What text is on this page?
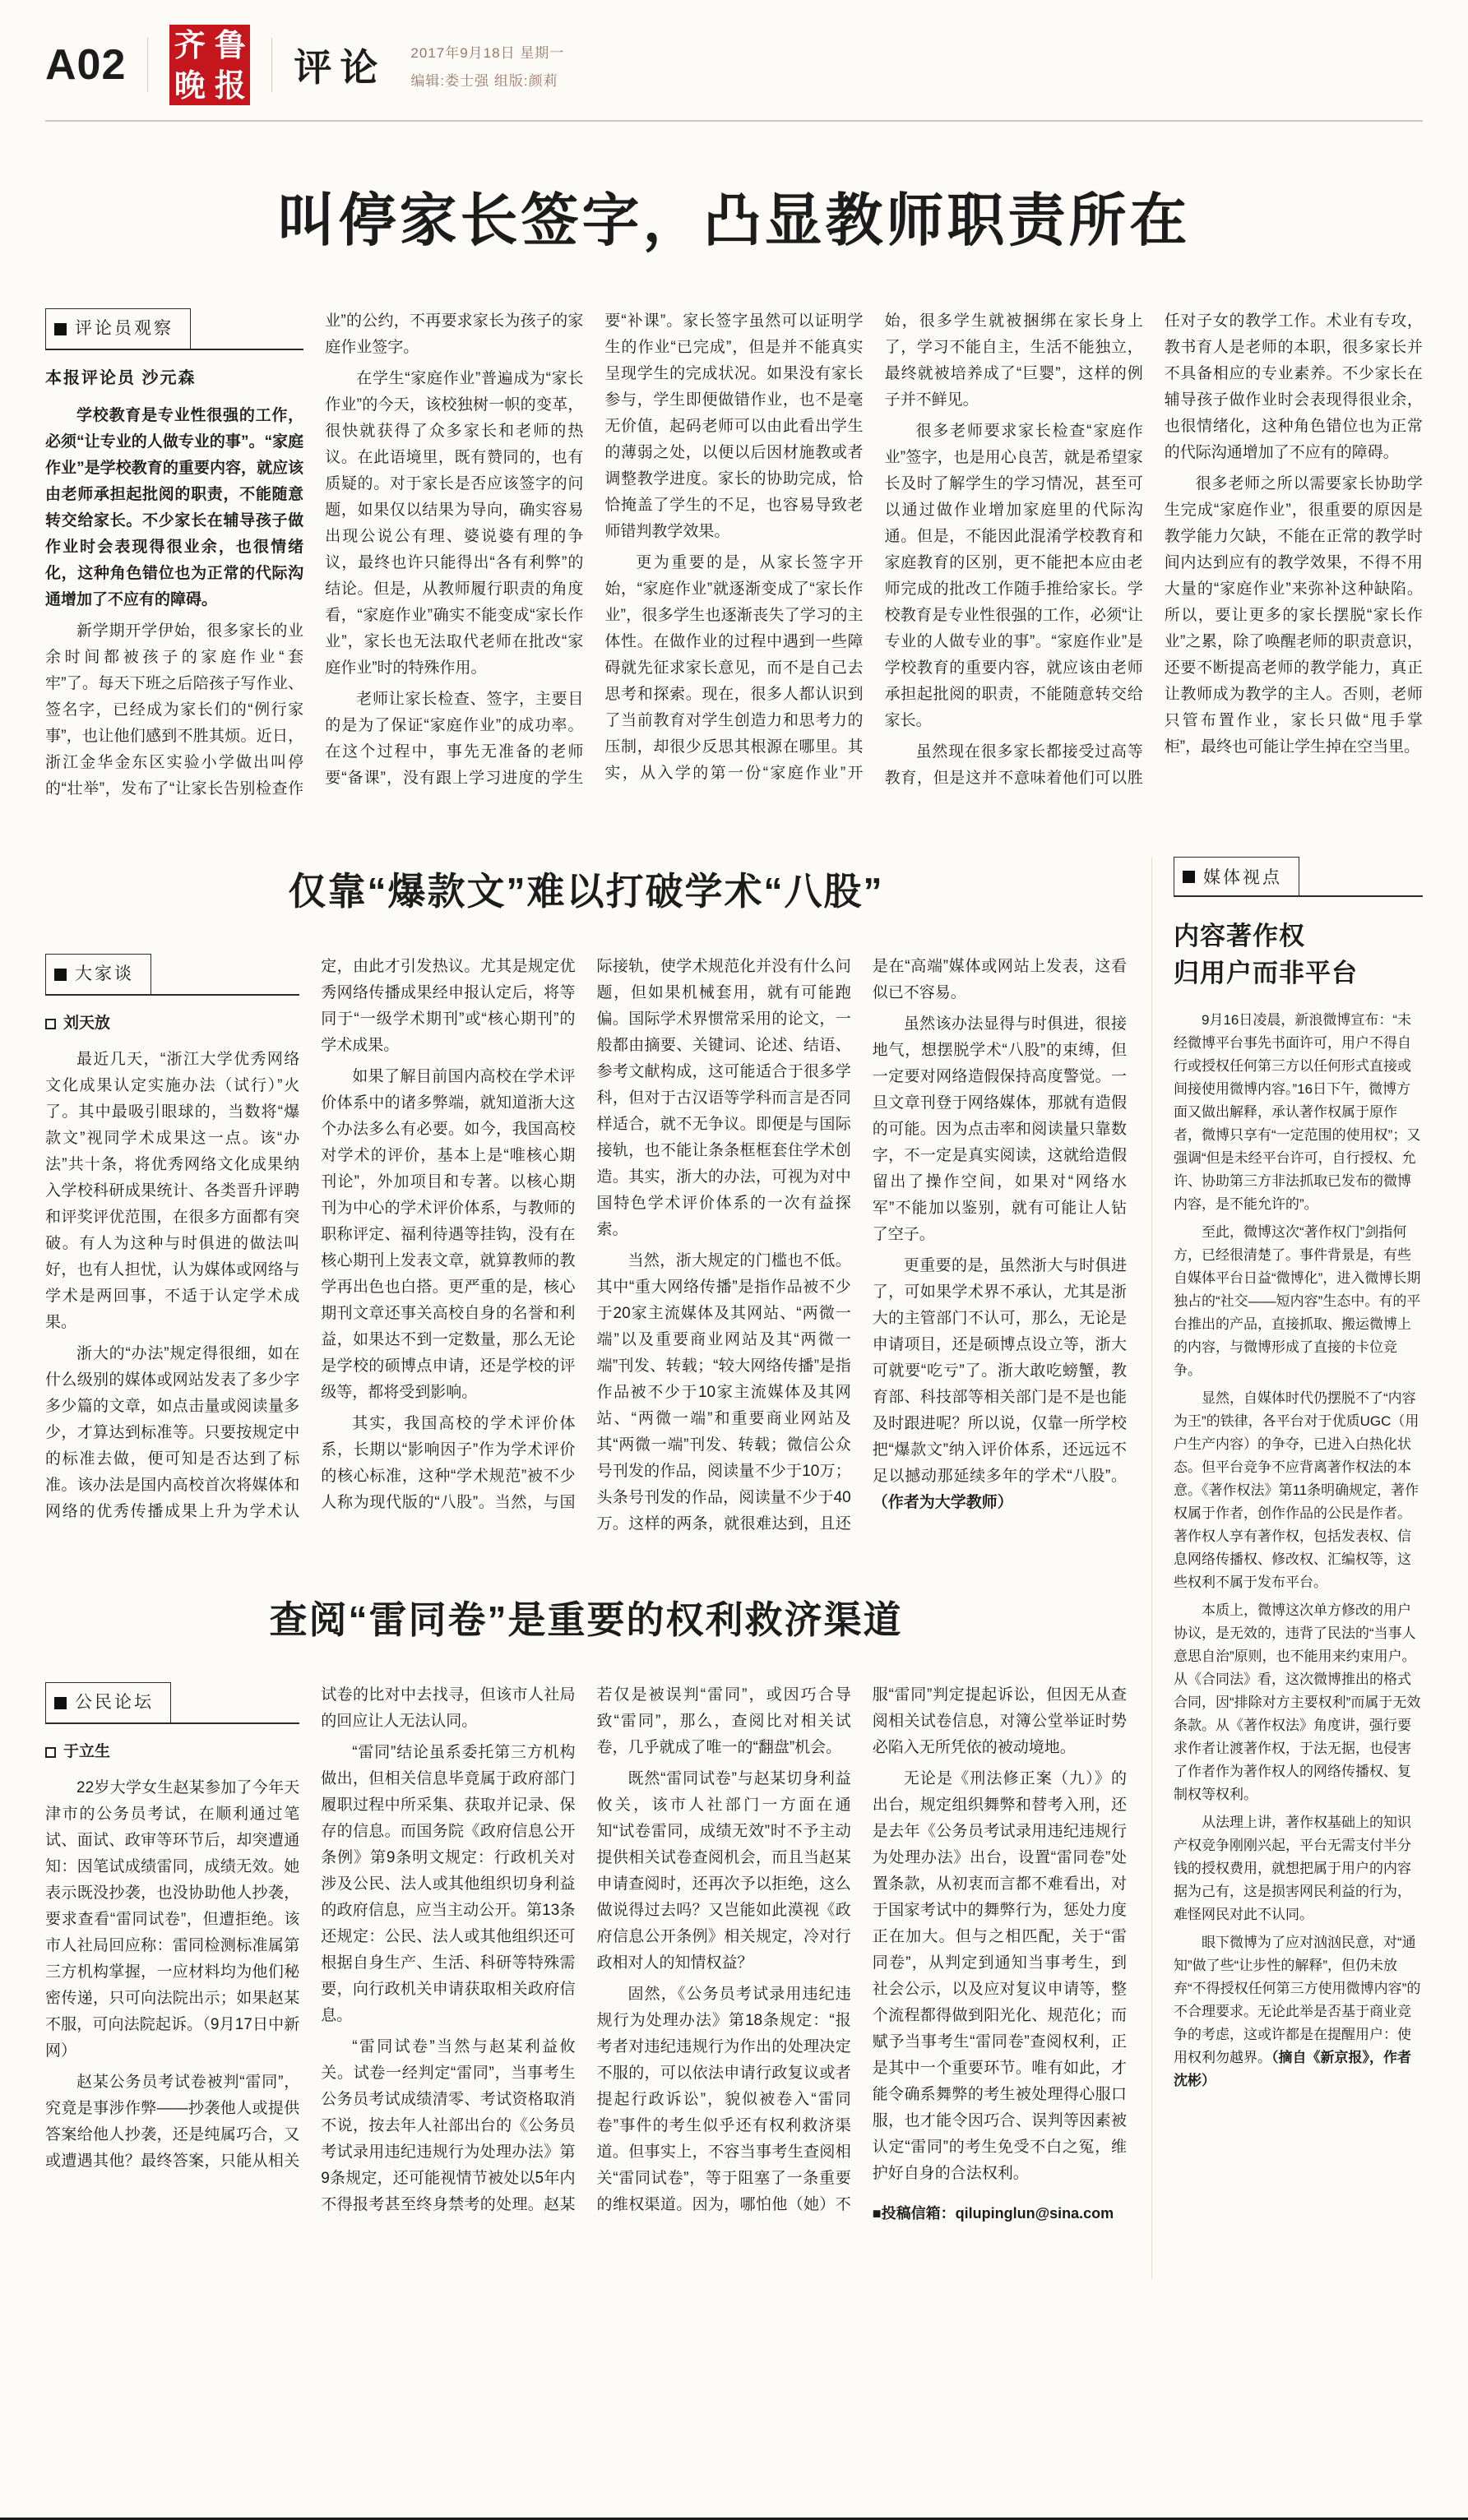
A02 齐 鲁
晚 报 评论 2017年9月18日 星期一
编辑:娄士强 组版:颜莉
叫停家长签字，凸显教师职责所在
评论员观察

本报评论员 沙元森

学校教育是专业性很强的工作，必须“让专业的人做专业的事”。“家庭作业”是学校教育的重要内容，就应该由老师承担起批阅的职责，不能随意转交给家长。不少家长在辅导孩子做作业时会表现得很业余，也很情绪化，这种角色错位也为正常的代际沟通增加了不应有的障碍。

新学期开学伊始，很多家长的业余时间都被孩子的家庭作业“套牢”了。每天下班之后陪孩子写作业、签名字，已经成为家长们的“例行家事”，也让他们感到不胜其烦。近日，浙江金华金东区实验小学做出叫停的“壮举”，发布了“让家长告别检查作业”的公约，不再要求家长为孩子的家庭作业签字。

在学生“家庭作业”普遍成为“家长作业”的今天，该校独树一帜的变革，很快就获得了众多家长和老师的热议。在此语境里，既有赞同的，也有质疑的。对于家长是否应该签字的问题，如果仅以结果为导向，确实容易出现公说公有理、婆说婆有理的争议，最终也许只能得出“各有利弊”的结论。但是，从教师履行职责的角度看，“家庭作业”确实不能变成“家长作业”，家长也无法取代老师在批改“家庭作业”时的特殊作用。

老师让家长检查、签字，主要目的是为了保证“家庭作业”的成功率。在这个过程中，事先无准备的老师要“备课”，没有跟上学习进度的学生要“补课”。家长签字虽然可以证明学生的作业“已完成”，但是并不能真实呈现学生的完成状况。如果没有家长参与，学生即便做错作业，也不是毫无价值，起码老师可以由此看出学生的薄弱之处，以便以后因材施教或者调整教学进度。家长的协助完成，恰恰掩盖了学生的不足，也容易导致老师错判教学效果。

更为重要的是，从家长签字开始，“家庭作业”就逐渐变成了“家长作业”，很多学生也逐渐丧失了学习的主体性。在做作业的过程中遇到一些障碍就先征求家长意见，而不是自己去思考和探索。现在，很多人都认识到了当前教育对学生创造力和思考力的压制，却很少反思其根源在哪里。其实，从入学的第一份“家庭作业”开始，很多学生就被捆绑在家长身上了，学习不能自主，生活不能独立，最终就被培养成了“巨婴”，这样的例子并不鲜见。

很多老师要求家长检查“家庭作业”签字，也是用心良苦，就是希望家长及时了解学生的学习情况，甚至可以通过做作业增加家庭里的代际沟通。但是，不能因此混淆学校教育和家庭教育的区别，更不能把本应由老师完成的批改工作随手推给家长。学校教育是专业性很强的工作，必须“让专业的人做专业的事”。“家庭作业”是学校教育的重要内容，就应该由老师承担起批阅的职责，不能随意转交给家长。

虽然现在很多家长都接受过高等教育，但是这并不意味着他们可以胜任对子女的教学工作。术业有专攻，教书育人是老师的本职，很多家长并不具备相应的专业素养。不少家长在辅导孩子做作业时会表现得很业余，也很情绪化，这种角色错位也为正常的代际沟通增加了不应有的障碍。

很多老师之所以需要家长协助学生完成“家庭作业”，很重要的原因是教学能力欠缺，不能在正常的教学时间内达到应有的教学效果，不得不用大量的“家庭作业”来弥补这种缺陷。所以，要让更多的家长摆脱“家长作业”之累，除了唤醒老师的职责意识，还要不断提高老师的教学能力，真正让教师成为教学的主人。否则，老师只管布置作业，家长只做“甩手掌柜”，最终也可能让学生掉在空当里。

仅靠“爆款文”难以打破学术“八股”
大家谈
刘天放

最近几天，“浙江大学优秀网络文化成果认定实施办法（试行）”火了。其中最吸引眼球的，当数将“爆款文”视同学术成果这一点。该“办法”共十条，将优秀网络文化成果纳入学校科研成果统计、各类晋升评聘和评奖评优范围，在很多方面都有突破。有人为这种与时俱进的做法叫好，也有人担忧，认为媒体或网络与学术是两回事，不适于认定学术成果。

浙大的“办法”规定得很细，如在什么级别的媒体或网站发表了多少字多少篇的文章，如点击量或阅读量多少，才算达到标准等。只要按规定中的标准去做，便可知是否达到了标准。该办法是国内高校首次将媒体和网络的优秀传播成果上升为学术认定，由此才引发热议。尤其是规定优秀网络传播成果经申报认定后，将等同于“一级学术期刊”或“核心期刊”的学术成果。

如果了解目前国内高校在学术评价体系中的诸多弊端，就知道浙大这个办法多么有必要。如今，我国高校对学术的评价，基本上是“唯核心期刊论”，外加项目和专著。以核心期刊为中心的学术评价体系，与教师的职称评定、福利待遇等挂钩，没有在核心期刊上发表文章，就算教师的教学再出色也白搭。更严重的是，核心期刊文章还事关高校自身的名誉和利益，如果达不到一定数量，那么无论是学校的硕博点申请，还是学校的评级等，都将受到影响。

其实，我国高校的学术评价体系，长期以“影响因子”作为学术评价的核心标准，这种“学术规范”被不少人称为现代版的“八股”。当然，与国际接轨，使学术规范化并没有什么问题，但如果机械套用，就有可能跑偏。国际学术界惯常采用的论文，一般都由摘要、关键词、论述、结语、参考文献构成，这可能适合于很多学科，但对于古汉语等学科而言是否同样适合，就不无争议。即便是与国际接轨，也不能让条条框框套住学术创造。其实，浙大的办法，可视为对中国特色学术评价体系的一次有益探索。

当然，浙大规定的门槛也不低。其中“重大网络传播”是指作品被不少于20家主流媒体及其网站、“两微一端”以及重要商业网站及其“两微一端”刊发、转载；“较大网络传播”是指作品被不少于10家主流媒体及其网站、“两微一端”和重要商业网站及其“两微一端”刊发、转载；微信公众号刊发的作品，阅读量不少于10万；头条号刊发的作品，阅读量不少于40万。这样的两条，就很难达到，且还是在“高端”媒体或网站上发表，这看似已不容易。

虽然该办法显得与时俱进，很接地气，想摆脱学术“八股”的束缚，但一定要对网络造假保持高度警觉。一旦文章刊登于网络媒体，那就有造假的可能。因为点击率和阅读量只靠数字，不一定是真实阅读，这就给造假留出了操作空间，如果对“网络水军”不能加以鉴别，就有可能让人钻了空子。

更重要的是，虽然浙大与时俱进了，可如果学术界不承认，尤其是浙大的主管部门不认可，那么，无论是申请项目，还是硕博点设立等，浙大可就要“吃亏”了。浙大敢吃螃蟹，教育部、科技部等相关部门是不是也能及时跟进呢？所以说，仅靠一所学校把“爆款文”纳入评价体系，还远远不足以撼动那延续多年的学术“八股”。（作者为大学教师）

查阅“雷同卷”是重要的权利救济渠道
公民论坛
于立生

22岁大学女生赵某参加了今年天津市的公务员考试，在顺利通过笔试、面试、政审等环节后，却突遭通知：因笔试成绩雷同，成绩无效。她表示既没抄袭，也没协助他人抄袭，要求查看“雷同试卷”，但遭拒绝。该市人社局回应称：雷同检测标准属第三方机构掌握，一应材料均为他们秘密传递，只可向法院出示；如果赵某不服，可向法院起诉。（9月17日中新网）

赵某公务员考试卷被判“雷同”，究竟是事涉作弊——抄袭他人或提供答案给他人抄袭，还是纯属巧合，又或遭遇其他？最终答案，只能从相关试卷的比对中去找寻，但该市人社局的回应让人无法认同。

“雷同”结论虽系委托第三方机构做出，但相关信息毕竟属于政府部门履职过程中所采集、获取并记录、保存的信息。而国务院《政府信息公开条例》第9条明文规定：行政机关对涉及公民、法人或其他组织切身利益的政府信息，应当主动公开。第13条还规定：公民、法人或其他组织还可根据自身生产、生活、科研等特殊需要，向行政机关申请获取相关政府信息。

“雷同试卷”当然与赵某利益攸关。试卷一经判定“雷同”，当事考生公务员考试成绩清零、考试资格取消不说，按去年人社部出台的《公务员考试录用违纪违规行为处理办法》第9条规定，还可能视情节被处以5年内不得报考甚至终身禁考的处理。赵某若仅是被误判“雷同”，或因巧合导致“雷同”，那么，查阅比对相关试卷，几乎就成了唯一的“翻盘”机会。

既然“雷同试卷”与赵某切身利益攸关，该市人社部门一方面在通知“试卷雷同，成绩无效”时不予主动提供相关试卷查阅机会，而且当赵某申请查阅时，还再次予以拒绝，这么做说得过去吗？又岂能如此漠视《政府信息公开条例》相关规定，冷对行政相对人的知情权益？

固然，《公务员考试录用违纪违规行为处理办法》第18条规定：“报考者对违纪违规行为作出的处理决定不服的，可以依法申请行政复议或者提起行政诉讼”，貌似被卷入“雷同卷”事件的考生似乎还有权利救济渠道。但事实上，不容当事考生查阅相关“雷同试卷”，等于阻塞了一条重要的维权渠道。因为，哪怕他（她）不服“雷同”判定提起诉讼，但因无从查阅相关试卷信息，对簿公堂举证时势必陷入无所凭依的被动境地。

无论是《刑法修正案（九）》的出台，规定组织舞弊和替考入刑，还是去年《公务员考试录用违纪违规行为处理办法》出台，设置“雷同卷”处置条款，从初衷而言都不难看出，对于国家考试中的舞弊行为，惩处力度正在加大。但与之相匹配，关于“雷同卷”，从判定到通知当事考生，到社会公示，以及应对复议申请等，整个流程都得做到阳光化、规范化；而赋予当事考生“雷同卷”查阅权利，正是其中一个重要环节。唯有如此，才能令确系舞弊的考生被处理得心服口服，也才能令因巧合、误判等因素被认定“雷同”的考生免受不白之冤，维护好自身的合法权利。

■投稿信箱：qilupinglun@sina.com

媒体视点
内容著作权
归用户而非平台

9月16日凌晨，新浪微博宣布：“未经微博平台事先书面许可，用户不得自行或授权任何第三方以任何形式直接或间接使用微博内容。”16日下午，微博方面又做出解释，承认著作权属于原作者，微博只享有“一定范围的使用权”；又强调“但是未经平台许可，自行授权、允许、协助第三方非法抓取已发布的微博内容，是不能允许的”。

至此，微博这次“著作权门”剑指何方，已经很清楚了。事件背景是，有些自媒体平台日益“微博化”，进入微博长期独占的“社交——短内容”生态中。有的平台推出的产品，直接抓取、搬运微博上的内容，与微博形成了直接的卡位竞争。

显然，自媒体时代仍摆脱不了“内容为王”的铁律，各平台对于优质UGC（用户生产内容）的争夺，已进入白热化状态。但平台竞争不应背离著作权法的本意。《著作权法》第11条明确规定，著作权属于作者，创作作品的公民是作者。著作权人享有著作权，包括发表权、信息网络传播权、修改权、汇编权等，这些权利不属于发布平台。

本质上，微博这次单方修改的用户协议，是无效的，违背了民法的“当事人意思自治”原则，也不能用来约束用户。从《合同法》看，这次微博推出的格式合同，因“排除对方主要权利”而属于无效条款。从《著作权法》角度讲，强行要求作者让渡著作权，于法无据，也侵害了作者作为著作权人的网络传播权、复制权等权利。

从法理上讲，著作权基础上的知识产权竞争刚刚兴起，平台无需支付半分钱的授权费用，就想把属于用户的内容据为己有，这是损害网民利益的行为，难怪网民对此不认同。

眼下微博为了应对汹汹民意，对“通知”做了些“让步性的解释”，但仍未放弃“不得授权任何第三方使用微博内容”的不合理要求。无论此举是否基于商业竞争的考虑，这或许都是在提醒用户：使用权利勿越界。（摘自《新京报》，作者沈彬）
